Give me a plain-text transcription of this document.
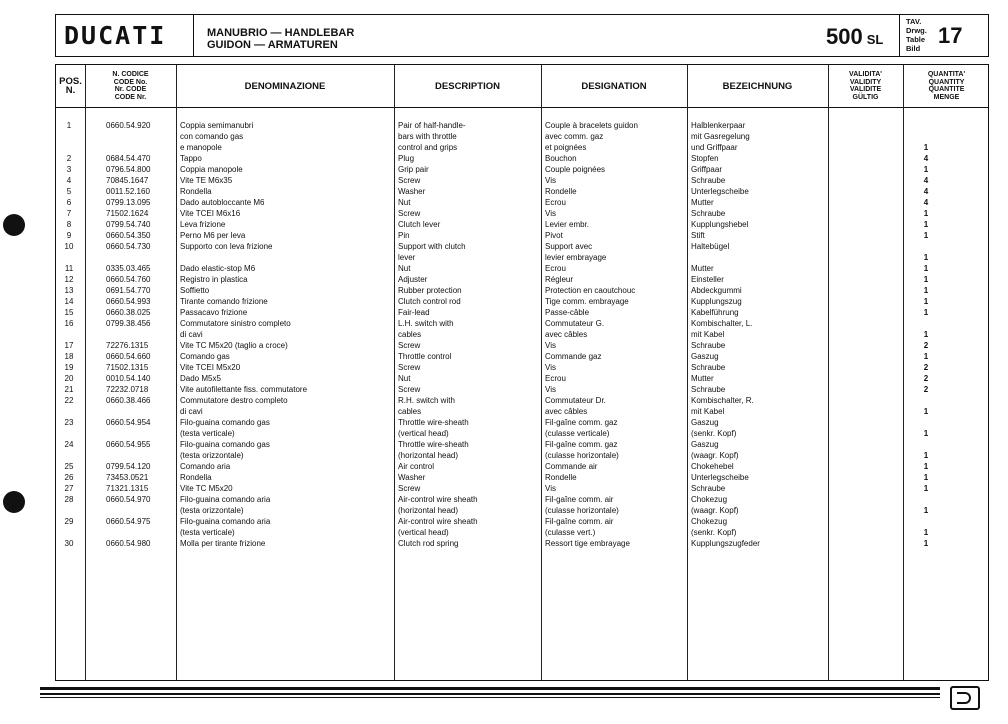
DUCATI	MANUBRIO — HANDLEBAR
GUIDON — ARMATUREN	500 SL
TAV.
Drwg.
Table
Bild
17
POS.
N.
N. CODICE
CODE No.
Nr. CODE
CODE Nr.
DENOMINAZIONE	DESCRIPTION	DESIGNATION	BEZEICHNUNG
VALIDITA'
VALIDITY
VALIDITE
GÜLTIG
QUANTITA'
QUANTITY
QUANTITE
MENGE
1	0660.54.920	Coppia semimanubri	Pair of half-handle-	Couple à bracelets guidon	Halblenkerpaar
con comando gas	bars with throttle	avec comm. gaz	mit Gasregelung
e manopole	control and grips	et poignées	und Griffpaar	1
2	0684.54.470	Tappo	Plug	Bouchon	Stopfen	4
3	0796.54.800	Coppia manopole	Grip pair	Couple poignées	Griffpaar	1
4	70845.1647	Vite TE M6x35	Screw	Vis	Schraube	4
5	0011.52.160	Rondella	Washer	Rondelle	Unterlegscheibe	4
6	0799.13.095	Dado autobloccante M6	Nut	Ecrou	Mutter	4
7	71502.1624	Vite TCEI M6x16	Screw	Vis	Schraube	1
8	0799.54.740	Leva frizione	Clutch lever	Levier embr.	Kupplungshebel	1
9	0660.54.350	Perno M6 per leva	Pin	Pivot	Stift	1
10	0660.54.730	Supporto con leva frizione	Support with clutch	Support avec	Haltebügel
lever	levier embrayage	1
11	0335.03.465	Dado elastic-stop M6	Nut	Ecrou	Mutter	1
12	0660.54.760	Registro in plastica	Adjuster	Régleur	Einsteller	1
13	0691.54.770	Soffietto	Rubber protection	Protection en caoutchouc	Abdeckgummi	1
14	0660.54.993	Tirante comando frizione	Clutch control rod	Tige comm. embrayage	Kupplungszug	1
15	0660.38.025	Passacavo frizione	Fair-lead	Passe-câble	Kabelführung	1
16	0799.38.456	Commutatore sinistro completo	L.H. switch with	Commutateur G.	Kombischalter, L.
di cavi	cables	avec câbles	mit Kabel	1
17	72276.1315	Vite TC M5x20 (taglio a croce)	Screw	Vis	Schraube	2
18	0660.54.660	Comando gas	Throttle control	Commande gaz	Gaszug	1
19	71502.1315	Vite TCEI M5x20	Screw	Vis	Schraube	2
20	0010.54.140	Dado M5x5	Nut	Ecrou	Mutter	2
21	72232.0718	Vite autofilettante fiss. commutatore	Screw	Vis	Schraube	2
22	0660.38.466	Commutatore destro completo	R.H. switch with	Commutateur Dr.	Kombischalter, R.
di cavi	cables	avec câbles	mit Kabel	1
23	0660.54.954	Filo-guaina comando gas	Throttle wire-sheath	Fil-gaîne comm. gaz	Gaszug
(testa verticale)	(vertical head)	(culasse verticale)	(senkr. Kopf)	1
24	0660.54.955	Filo-guaina comando gas	Throttle wire-sheath	Fil-gaîne comm. gaz	Gaszug
(testa orizzontale)	(horizontal head)	(culasse horizontale)	(waagr. Kopf)	1
25	0799.54.120	Comando aria	Air control	Commande air	Chokehebel	1
26	73453.0521	Rondella	Washer	Rondelle	Unterlegscheibe	1
27	71321.1315	Vite TC M5x20	Screw	Vis	Schraube	1
28	0660.54.970	Filo-guaina comando aria	Air-control wire sheath	Fil-gaîne comm. air	Chokezug
(testa orizzontale)	(horizontal head)	(culasse horizontale)	(waagr. Kopf)	1
29	0660.54.975	Filo-guaina comando aria	Air-control wire sheath	Fil-gaîne comm. air	Chokezug
(testa verticale)	(vertical head)	(culasse vert.)	(senkr. Kopf)	1
30	0660.54.980	Molla per tirante frizione	Clutch rod spring	Ressort tige embrayage	Kupplungszugfeder	1
